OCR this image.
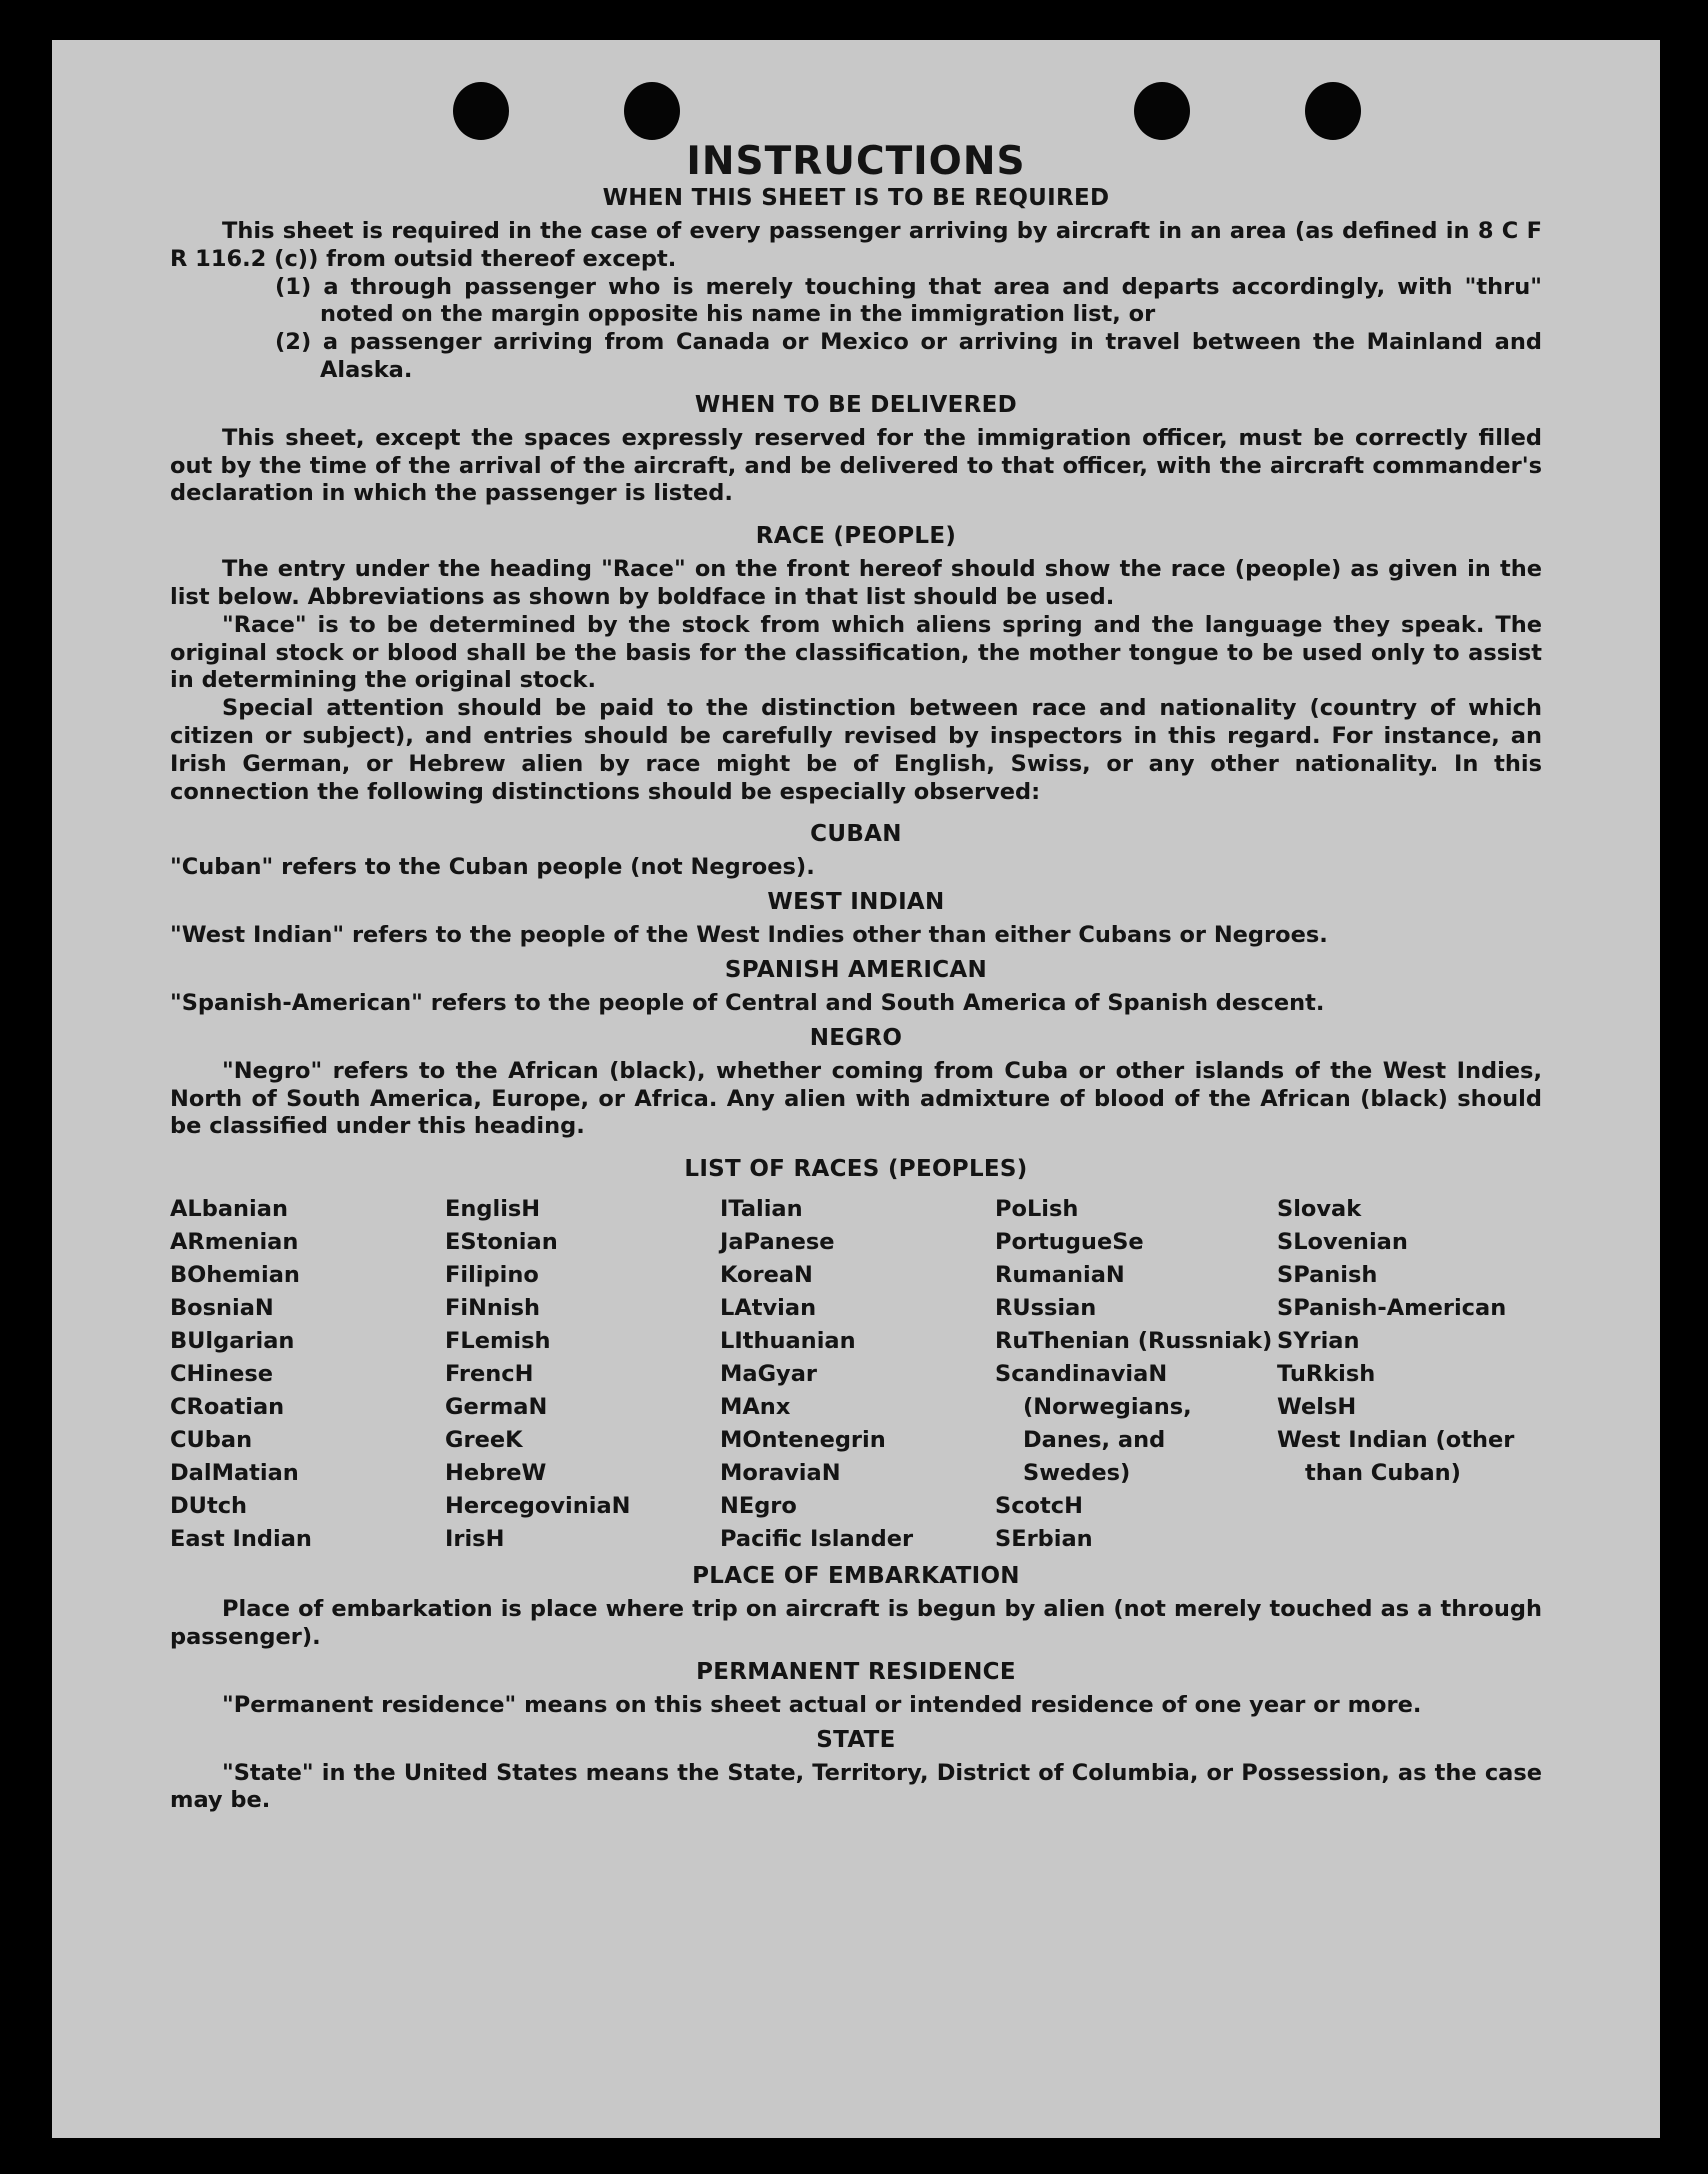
INSTRUCTIONS
WHEN THIS SHEET IS TO BE REQUIRED

This sheet is required in the case of every passenger arriving by aircraft in an area (as defined in 8 C F R 116.2 (c)) from outsid thereof except.

(1) a through passenger who is merely touching that area and departs accordingly, with "thru" noted on the margin opposite his name in the immigration list, or

(2) a passenger arriving from Canada or Mexico or arriving in travel between the Mainland and Alaska.

WHEN TO BE DELIVERED

This sheet, except the spaces expressly reserved for the immigration officer, must be correctly filled out by the time of the arrival of the aircraft, and be delivered to that officer, with the aircraft commander's declaration in which the passenger is listed.

RACE (PEOPLE)

The entry under the heading "Race" on the front hereof should show the race (people) as given in the list below. Abbreviations as shown by boldface in that list should be used.

"Race" is to be determined by the stock from which aliens spring and the language they speak. The original stock or blood shall be the basis for the classification, the mother tongue to be used only to assist in determining the original stock.

Special attention should be paid to the distinction between race and nationality (country of which citizen or subject), and entries should be carefully revised by inspectors in this regard. For instance, an Irish German, or Hebrew alien by race might be of English, Swiss, or any other nationality. In this connection the following distinctions should be especially observed:

CUBAN

"Cuban" refers to the Cuban people (not Negroes).

WEST INDIAN

"West Indian" refers to the people of the West Indies other than either Cubans or Negroes.

SPANISH AMERICAN

"Spanish-American" refers to the people of Central and South America of Spanish descent.

NEGRO

"Negro" refers to the African (black), whether coming from Cuba or other islands of the West Indies, North of South America, Europe, or Africa. Any alien with admixture of blood of the African (black) should be classified under this heading.

LIST OF RACES (PEOPLES)
ALbanian
ARmenian
BOhemian
BosniaN
BUlgarian
CHinese
CRoatian
CUban
DalMatian
DUtch
East Indian
EnglisH
EStonian
Filipino
FiNnish
FLemish
FrencH
GermaN
GreeK
HebreW
HercegoviniaN
IrisH
ITalian
JaPanese
KoreaN
LAtvian
LIthuanian
MaGyar
MAnx
MOntenegrin
MoraviaN
NEgro
Pacific Islander
PoLish
PortugueSe
RumaniaN
RUssian
RuThenian (Russniak)
ScandinaviaN (Norwegians, Danes, and Swedes)
ScotcH
SErbian
Slovak
SLovenian
SPanish
SPanish-American
SYrian
TuRkish
WelsH
West Indian (other than Cuban)
PLACE OF EMBARKATION

Place of embarkation is place where trip on aircraft is begun by alien (not merely touched as a through passenger).

PERMANENT RESIDENCE

"Permanent residence" means on this sheet actual or intended residence of one year or more.

STATE

"State" in the United States means the State, Territory, District of Columbia, or Possession, as the case may be.
